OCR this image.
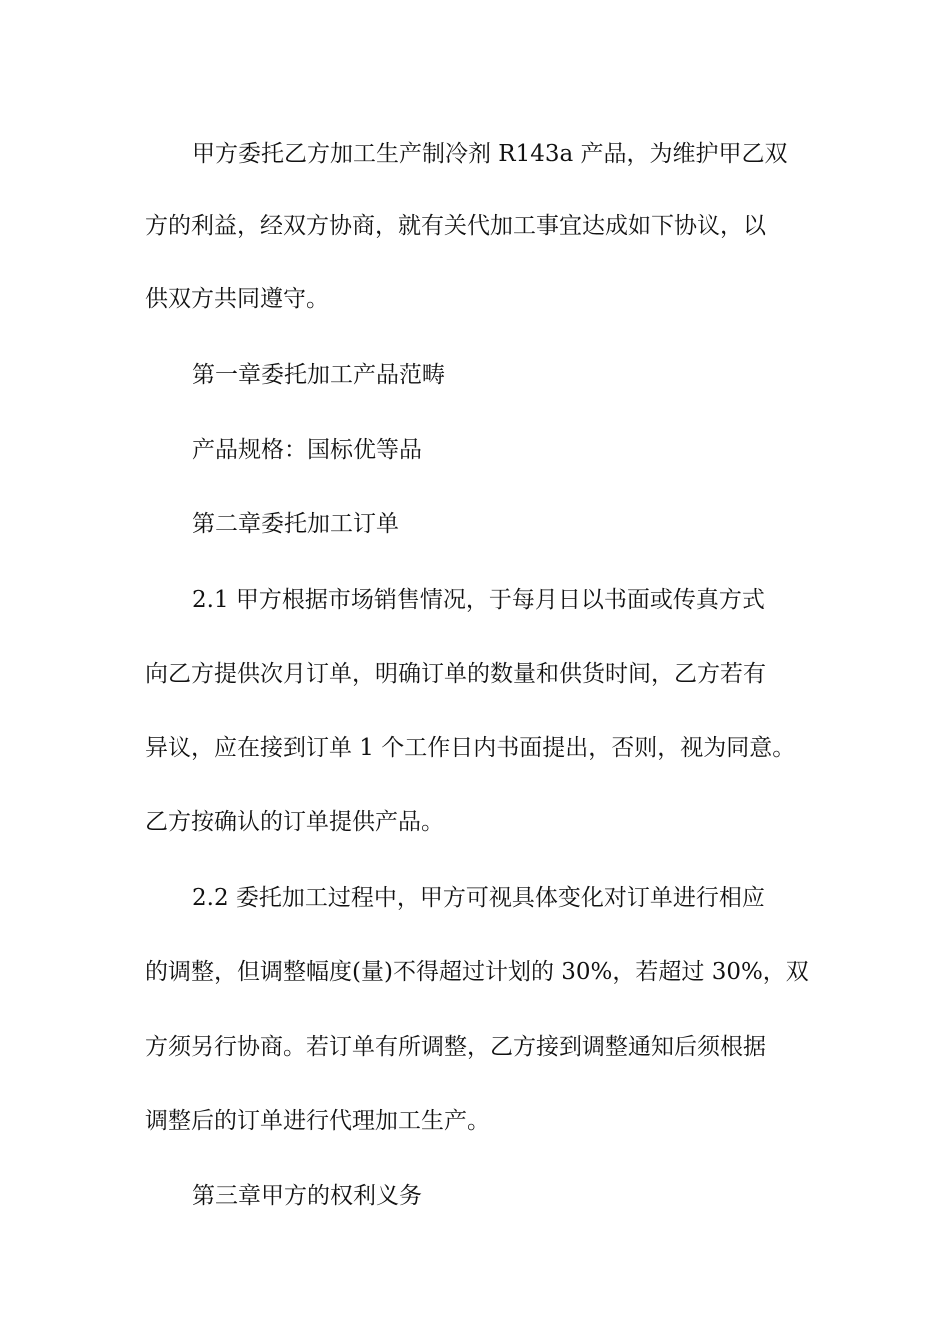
甲方委托乙方加工生产制冷剂 R143a 产品，为维护甲乙双
方的利益，经双方协商，就有关代加工事宜达成如下协议，以
供双方共同遵守。
第一章委托加工产品范畴
产品规格：国标优等品
第二章委托加工订单
2.1 甲方根据市场销售情况，于每月日以书面或传真方式
向乙方提供次月订单，明确订单的数量和供货时间，乙方若有
异议，应在接到订单 1 个工作日内书面提出，否则，视为同意。
乙方按确认的订单提供产品。
2.2 委托加工过程中，甲方可视具体变化对订单进行相应
的调整，但调整幅度(量)不得超过计划的 30%，若超过 30%，双
方须另行协商。若订单有所调整，乙方接到调整通知后须根据
调整后的订单进行代理加工生产。
第三章甲方的权利义务
